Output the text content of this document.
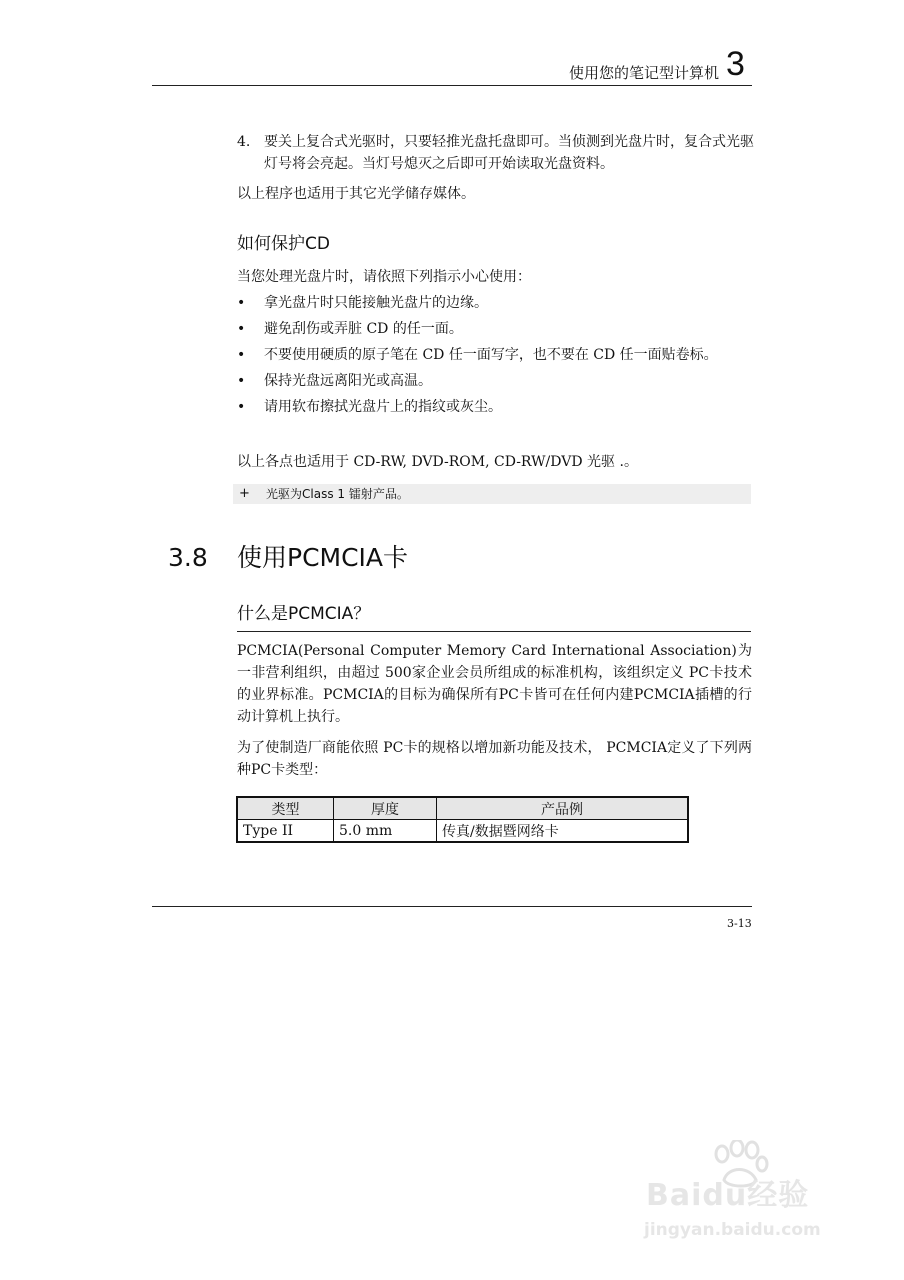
使用您的笔记型计算机 3
4. 要关上复合式光驱时，只要轻推光盘托盘即可。当侦测到光盘片时，复合式光驱灯号将会亮起。当灯号熄灭之后即可开始读取光盘资料。
以上程序也适用于其它光学储存媒体。
如何保护CD
当您处理光盘片时，请依照下列指示小心使用：
• 拿光盘片时只能接触光盘片的边缘。
• 避免刮伤或弄脏 CD 的任一面。
• 不要使用硬质的原子笔在 CD 任一面写字，也不要在 CD 任一面贴卷标。
• 保持光盘远离阳光或高温。
• 请用软布擦拭光盘片上的指纹或灰尘。
以上各点也适用于 CD-RW, DVD-ROM, CD-RW/DVD 光驱 .。
+ 光驱为Class 1 镭射产品。
3.8 使用PCMCIA卡
什么是PCMCIA？
PCMCIA(Personal Computer Memory Card International Association)为一非营利组织，由超过 500家企业会员所组成的标准机构，该组织定义 PC卡技术的业界标准。PCMCIA的目标为确保所有PC卡皆可在任何内建PCMCIA插槽的行动计算机上执行。
为了使制造厂商能依照 PC卡的规格以增加新功能及技术， PCMCIA定义了下列两种PC卡类型：
类型	厚度	产品例
Type II	5.0 mm	传真/数据暨网络卡
3-13
Baidu经验
jingyan.baidu.com
